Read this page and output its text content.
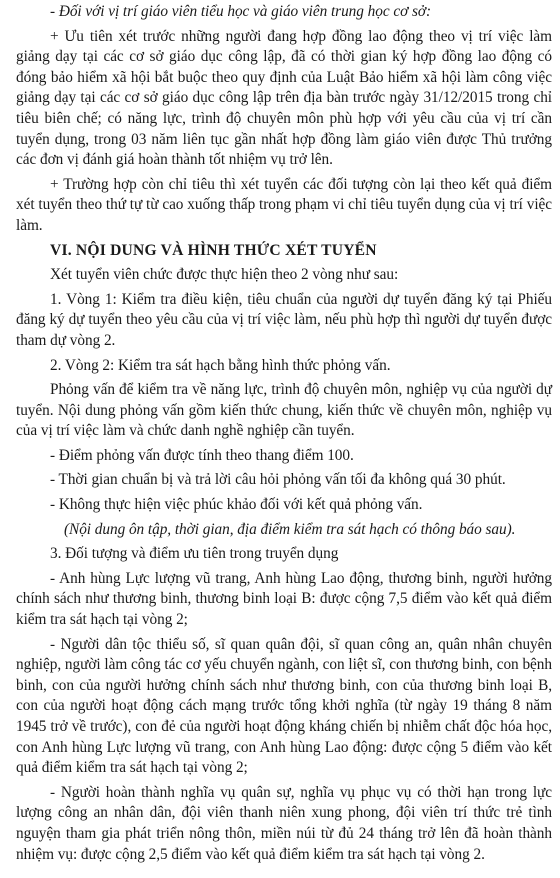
- Đối với vị trí giáo viên tiểu học và giáo viên trung học cơ sở:

+ Ưu tiên xét trước những người đang hợp đồng lao động theo vị trí việc làm giảng dạy tại các cơ sở giáo dục công lập, đã có thời gian ký hợp đồng lao động có đóng bảo hiểm xã hội bắt buộc theo quy định của Luật Bảo hiểm xã hội làm công việc giảng dạy tại các cơ sở giáo dục công lập trên địa bàn trước ngày 31/12/2015 trong chỉ tiêu biên chế; có năng lực, trình độ chuyên môn phù hợp với yêu cầu của vị trí cần tuyển dụng, trong 03 năm liên tục gần nhất hợp đồng làm giáo viên được Thủ trưởng các đơn vị đánh giá hoàn thành tốt nhiệm vụ trở lên.

+ Trường hợp còn chỉ tiêu thì xét tuyển các đối tượng còn lại theo kết quả điểm xét tuyển theo thứ tự từ cao xuống thấp trong phạm vi chỉ tiêu tuyển dụng của vị trí việc làm.

VI. NỘI DUNG VÀ HÌNH THỨC XÉT TUYỂN

Xét tuyển viên chức được thực hiện theo 2 vòng như sau:

1. Vòng 1: Kiểm tra điều kiện, tiêu chuẩn của người dự tuyển đăng ký tại Phiếu đăng ký dự tuyển theo yêu cầu của vị trí việc làm, nếu phù hợp thì người dự tuyển được tham dự vòng 2.

2. Vòng 2: Kiểm tra sát hạch bằng hình thức phỏng vấn.

Phỏng vấn để kiểm tra về năng lực, trình độ chuyên môn, nghiệp vụ của người dự tuyển. Nội dung phỏng vấn gồm kiến thức chung, kiến thức về chuyên môn, nghiệp vụ của vị trí việc làm và chức danh nghề nghiệp cần tuyển.

- Điểm phỏng vấn được tính theo thang điểm 100.

- Thời gian chuẩn bị và trả lời câu hỏi phỏng vấn tối đa không quá 30 phút.

- Không thực hiện việc phúc khảo đối với kết quả phỏng vấn.

(Nội dung ôn tập, thời gian, địa điểm kiểm tra sát hạch có thông báo sau).

3. Đối tượng và điểm ưu tiên trong truyển dụng

- Anh hùng Lực lượng vũ trang, Anh hùng Lao động, thương binh, người hưởng chính sách như thương binh, thương binh loại B: được cộng 7,5 điểm vào kết quả điểm kiểm tra sát hạch tại vòng 2;

- Người dân tộc thiểu số, sĩ quan quân đội, sĩ quan công an, quân nhân chuyên nghiệp, người làm công tác cơ yếu chuyển ngành, con liệt sĩ, con thương binh, con bệnh binh, con của người hưởng chính sách như thương binh, con của thương binh loại B, con của người hoạt động cách mạng trước tổng khởi nghĩa (từ ngày 19 tháng 8 năm 1945 trở về trước), con đẻ của người hoạt động kháng chiến bị nhiễm chất độc hóa học, con Anh hùng Lực lượng vũ trang, con Anh hùng Lao động: được cộng 5 điểm vào kết quả điểm kiểm tra sát hạch tại vòng 2;

- Người hoàn thành nghĩa vụ quân sự, nghĩa vụ phục vụ có thời hạn trong lực lượng công an nhân dân, đội viên thanh niên xung phong, đội viên trí thức trẻ tình nguyện tham gia phát triển nông thôn, miền núi từ đủ 24 tháng trở lên đã hoàn thành nhiệm vụ: được cộng 2,5 điểm vào kết quả điểm kiểm tra sát hạch tại vòng 2.
